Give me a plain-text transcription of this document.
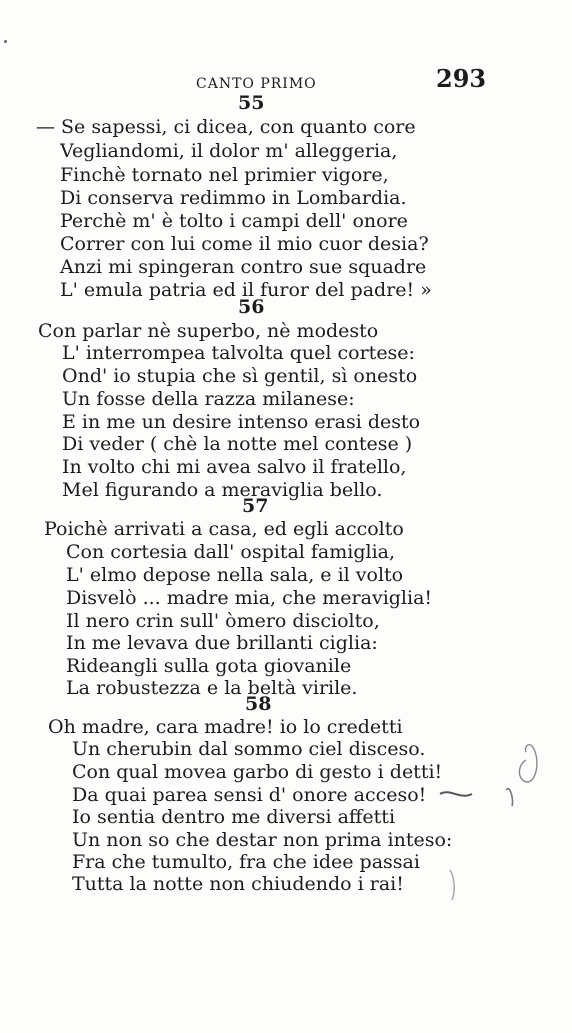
CANTO PRIMO	293
55
— Se sapessi, ci dicea, con quanto core
Vegliandomi, il dolor m' alleggeria,
Finchè tornato nel primier vigore,
Di conserva redimmo in Lombardia.
Perchè m' è tolto i campi dell' onore
Correr con lui come il mio cuor desia?
Anzi mi spingeran contro sue squadre
L' emula patria ed il furor del padre! »
56
Con parlar nè superbo, nè modesto
L' interrompea talvolta quel cortese:
Ond' io stupia che sì gentil, sì onesto
Un fosse della razza milanese:
E in me un desire intenso erasi desto
Di veder ( chè la notte mel contese )
In volto chi mi avea salvo il fratello,
Mel figurando a meraviglia bello.
57
Poichè arrivati a casa, ed egli accolto
Con cortesia dall' ospital famiglia,
L' elmo depose nella sala, e il volto
Disvelò ... madre mia, che meraviglia!
Il nero crin sull' òmero disciolto,
In me levava due brillanti ciglia:
Rideangli sulla gota giovanile
La robustezza e la beltà virile.
58
Oh madre, cara madre! io lo credetti
Un cherubin dal sommo ciel disceso.
Con qual movea garbo di gesto i detti!
Da quai parea sensi d' onore acceso!
Io sentia dentro me diversi affetti
Un non so che destar non prima inteso:
Fra che tumulto, fra che idee passai
Tutta la notte non chiudendo i rai!
